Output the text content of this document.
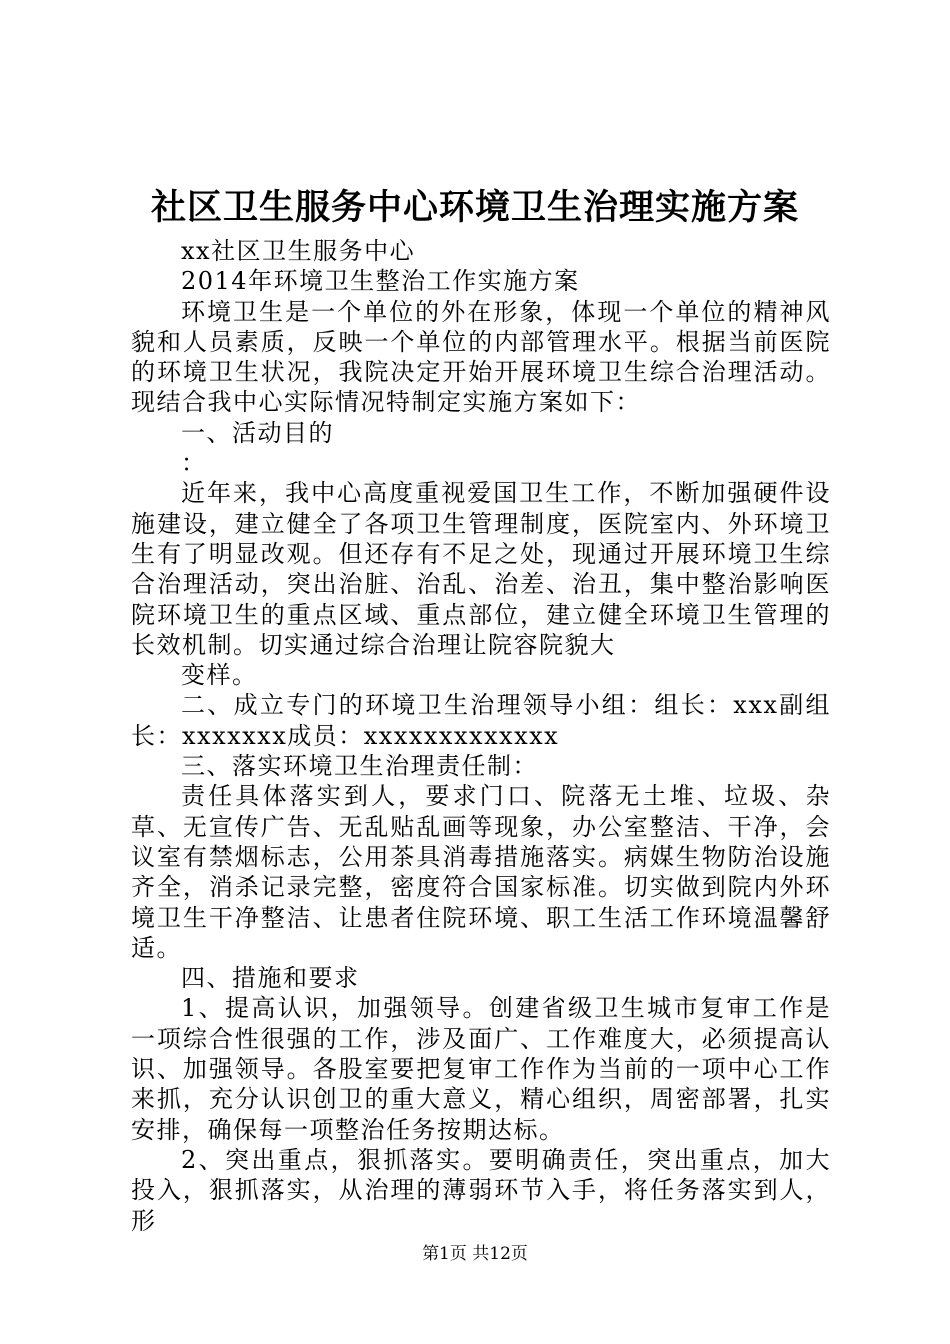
社区卫生服务中心环境卫生治理实施方案

xx社区卫生服务中心

2014年环境卫生整治工作实施方案

环境卫生是一个单位的外在形象，体现一个单位的精神风貌和人员素质，反映一个单位的内部管理水平。根据当前医院的环境卫生状况，我院决定开始开展环境卫生综合治理活动。现结合我中心实际情况特制定实施方案如下：

一、活动目的

：

近年来，我中心高度重视爱国卫生工作，不断加强硬件设施建设，建立健全了各项卫生管理制度，医院室内、外环境卫生有了明显改观。但还存有不足之处，现通过开展环境卫生综合治理活动，突出治脏、治乱、治差、治丑，集中整治影响医院环境卫生的重点区域、重点部位，建立健全环境卫生管理的长效机制。切实通过综合治理让院容院貌大

变样。

二、成立专门的环境卫生治理领导小组：组长：xxx副组长：xxxxxxx成员：xxxxxxxxxxxxx

三、落实环境卫生治理责任制：

责任具体落实到人，要求门口、院落无土堆、垃圾、杂草、无宣传广告、无乱贴乱画等现象，办公室整洁、干净，会议室有禁烟标志，公用茶具消毒措施落实。病媒生物防治设施齐全，消杀记录完整，密度符合国家标准。切实做到院内外环境卫生干净整洁、让患者住院环境、职工生活工作环境温馨舒适。

四、措施和要求

1、提高认识，加强领导。创建省级卫生城市复审工作是一项综合性很强的工作，涉及面广、工作难度大，必须提高认识、加强领导。各股室要把复审工作作为当前的一项中心工作来抓，充分认识创卫的重大意义，精心组织，周密部署，扎实安排，确保每一项整治任务按期达标。

2、突出重点，狠抓落实。要明确责任，突出重点，加大投入，狠抓落实，从治理的薄弱环节入手，将任务落实到人，形

第1页 共12页
